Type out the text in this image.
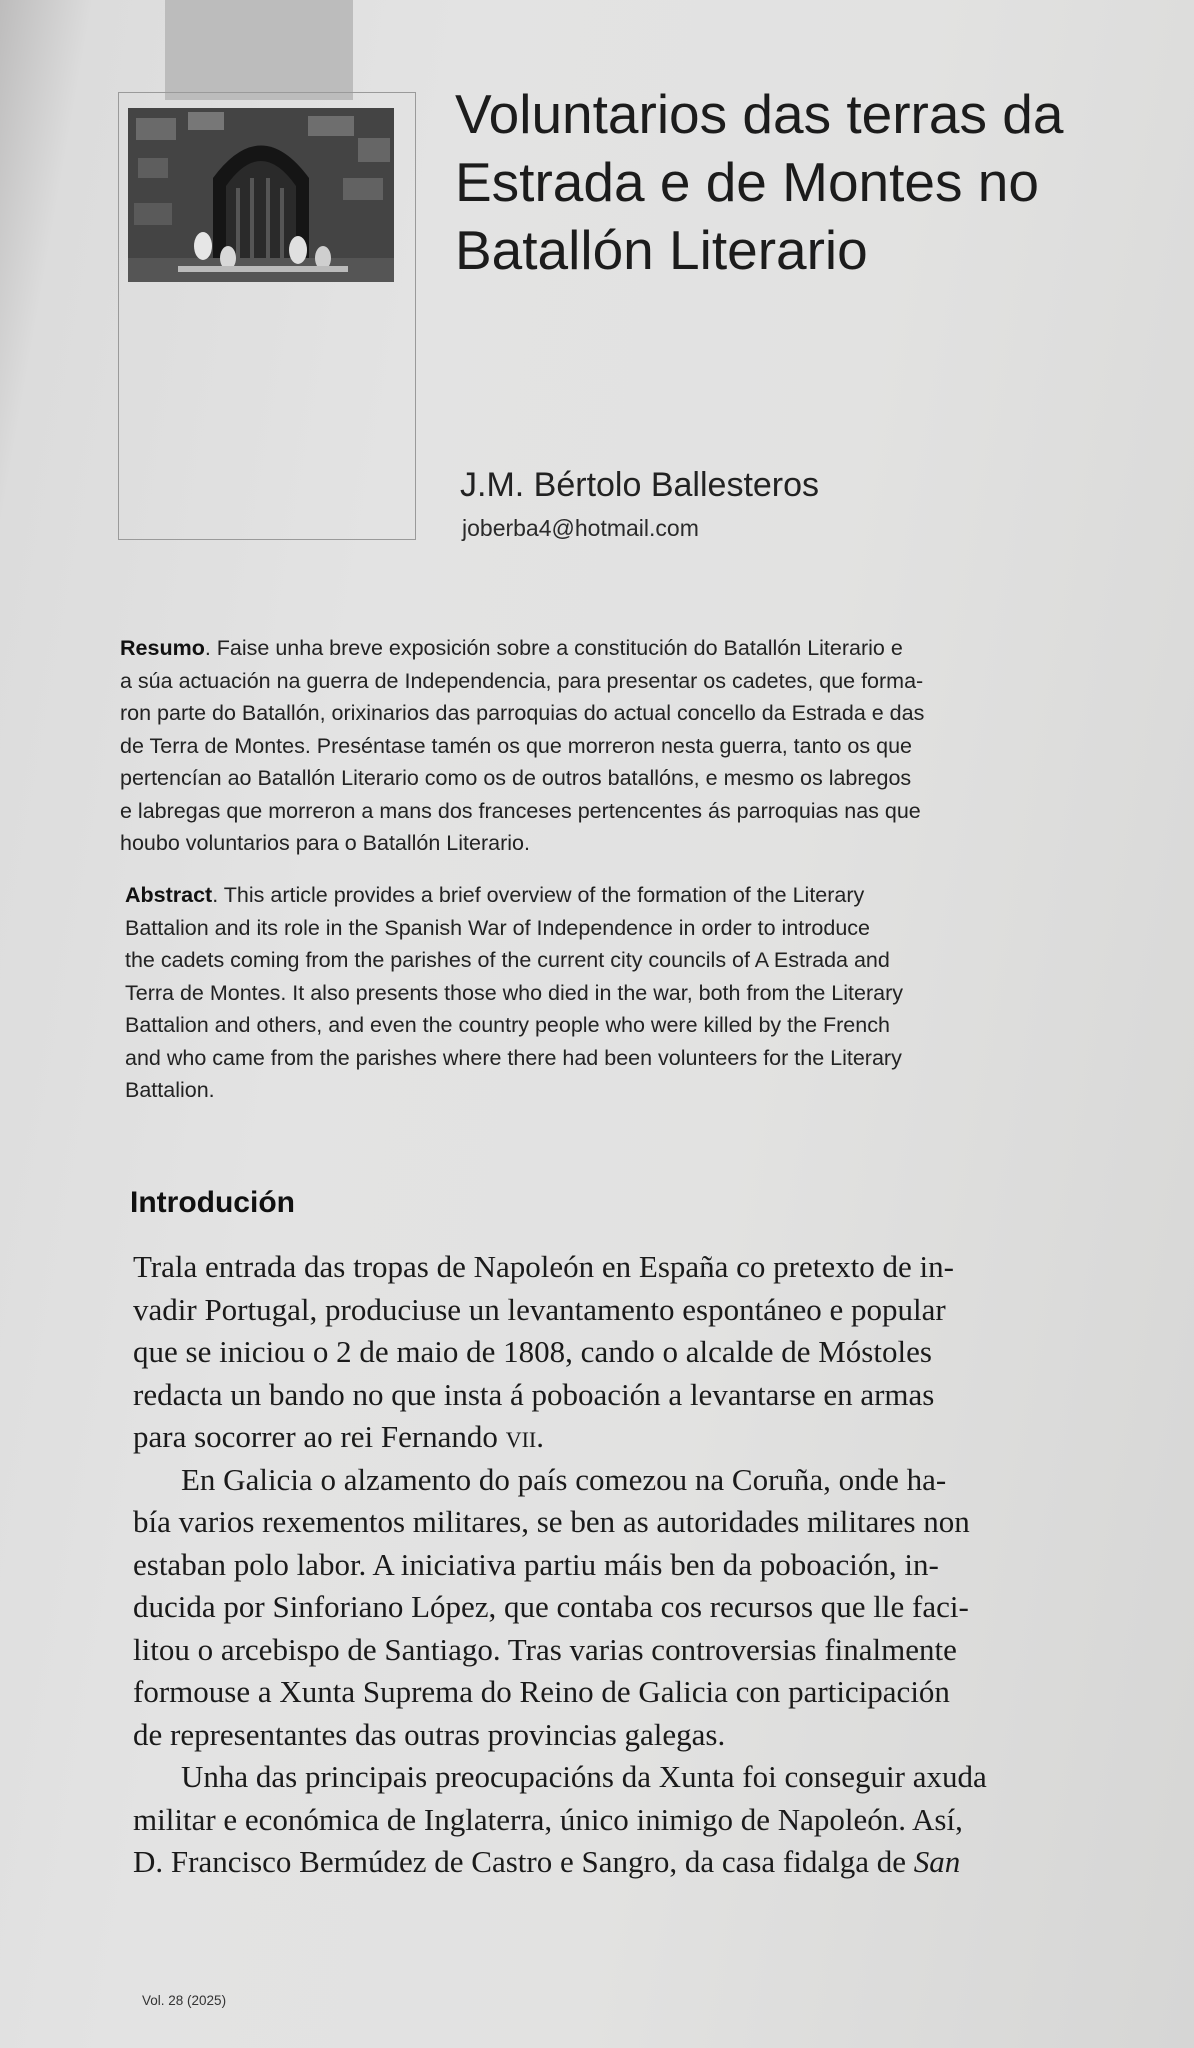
Voluntarios das terras da
Estrada e de Montes no
Batallón Literario

J.M. Bértolo Ballesteros

joberba4@hotmail.com

Resumo. Faise unha breve exposición sobre a constitución do Batallón Literario e
a súa actuación na guerra de Independencia, para presentar os cadetes, que forma-
ron parte do Batallón, orixinarios das parroquias do actual concello da Estrada e das
de Terra de Montes. Preséntase tamén os que morreron nesta guerra, tanto os que
pertencían ao Batallón Literario como os de outros batallóns, e mesmo os labregos
e labregas que morreron a mans dos franceses pertencentes ás parroquias nas que
houbo voluntarios para o Batallón Literario.

Abstract. This article provides a brief overview of the formation of the Literary
Battalion and its role in the Spanish War of Independence in order to introduce
the cadets coming from the parishes of the current city councils of A Estrada and
Terra de Montes. It also presents those who died in the war, both from the Literary
Battalion and others, and even the country people who were killed by the French
and who came from the parishes where there had been volunteers for the Literary
Battalion.

Introdución
Trala entrada das tropas de Napoleón en España co pretexto de in-
vadir Portugal, produciuse un levantamento espontáneo e popular
que se iniciou o 2 de maio de 1808, cando o alcalde de Móstoles
redacta un bando no que insta á poboación a levantarse en armas
para socorrer ao rei Fernando vii.
En Galicia o alzamento do país comezou na Coruña, onde ha-
bía varios rexementos militares, se ben as autoridades militares non
estaban polo labor. A iniciativa partiu máis ben da poboación, in-
ducida por Sinforiano López, que contaba cos recursos que lle faci-
litou o arcebispo de Santiago. Tras varias controversias finalmente
formouse a Xunta Suprema do Reino de Galicia con participación
de representantes das outras provincias galegas.
Unha das principais preocupacións da Xunta foi conseguir axuda
militar e económica de Inglaterra, único inimigo de Napoleón. Así,
D. Francisco Bermúdez de Castro e Sangro, da casa fidalga de San

Vol. 28 (2025)
